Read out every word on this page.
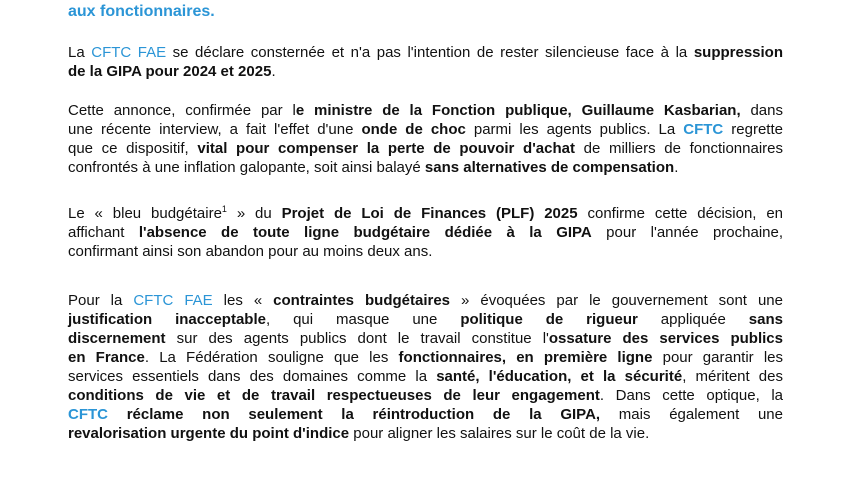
aux fonctionnaires.
La CFTC FAE se déclare consternée et n'a pas l'intention de rester silencieuse face à la suppression
de la GIPA pour 2024 et 2025.
Cette annonce, confirmée par le ministre de la Fonction publique, Guillaume Kasbarian, dans
une récente interview, a fait l'effet d'une onde de choc parmi les agents publics. La CFTC regrette
que ce dispositif, vital pour compenser la perte de pouvoir d'achat de milliers de fonctionnaires
confrontés à une inflation galopante, soit ainsi balayé sans alternatives de compensation.
Le « bleu budgétaire$^1$ » du Projet de Loi de Finances (PLF) 2025 confirme cette décision, en
affichant l'absence de toute ligne budgétaire dédiée à la GIPA pour l'année prochaine,
confirmant ainsi son abandon pour au moins deux ans.
Pour la CFTC FAE les « contraintes budgétaires » évoquées par le gouvernement sont une
justification inacceptable, qui masque une politique de rigueur appliquée sans
discernement sur des agents publics dont le travail constitue l'ossature des services publics
en France. La Fédération souligne que les fonctionnaires, en première ligne pour garantir les
services essentiels dans des domaines comme la santé, l'éducation, et la sécurité, méritent des
conditions de vie et de travail respectueuses de leur engagement. Dans cette optique, la
CFTC réclame non seulement la réintroduction de la GIPA, mais également une
revalorisation urgente du point d'indice pour aligner les salaires sur le coût de la vie.
